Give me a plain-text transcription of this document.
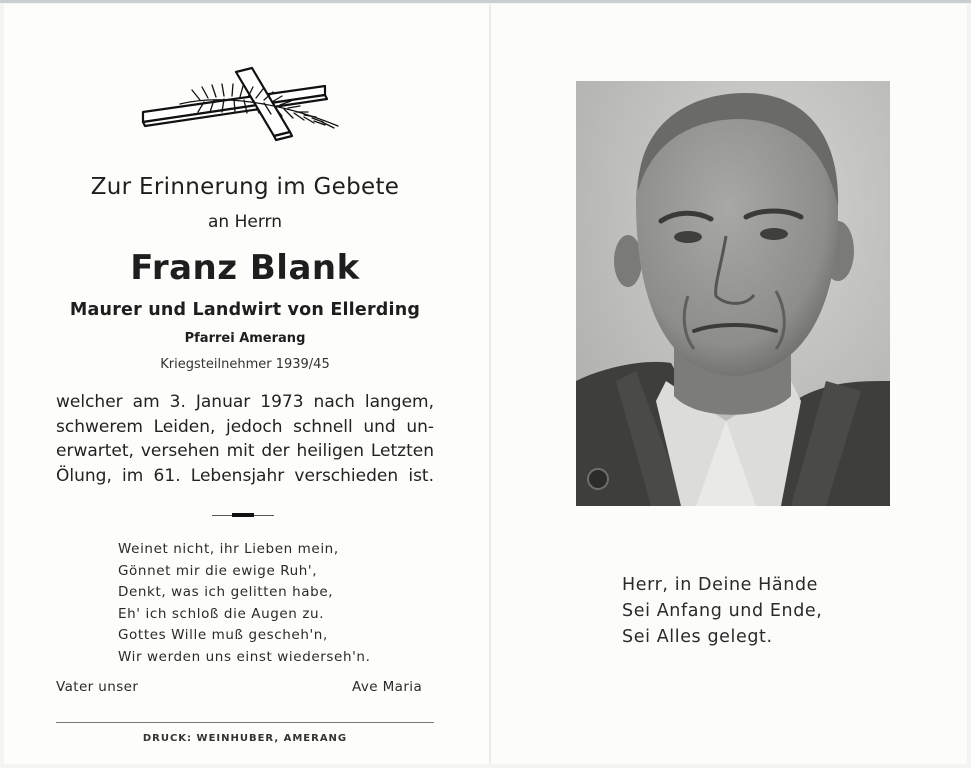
Zur Erinnerung im Gebete
an Herrn
Franz Blank
Maurer und Landwirt von Ellerding
Pfarrei Amerang
Kriegsteilnehmer 1939/45
welcher am 3. Januar 1973 nach langem,
schwerem Leiden, jedoch schnell und un-
erwartet, versehen mit der heiligen Letzten
Ölung, im 61. Lebensjahr verschieden ist.
Weinet nicht, ihr Lieben mein,
Gönnet mir die ewige Ruh',
Denkt, was ich gelitten habe,
Eh' ich schloß die Augen zu.
Gottes Wille muß gescheh'n,
Wir werden uns einst wiederseh'n.
Vater unser	Ave Maria
DRUCK: WEINHUBER, AMERANG
Herr, in Deine Hände
Sei Anfang und Ende,
Sei Alles gelegt.
